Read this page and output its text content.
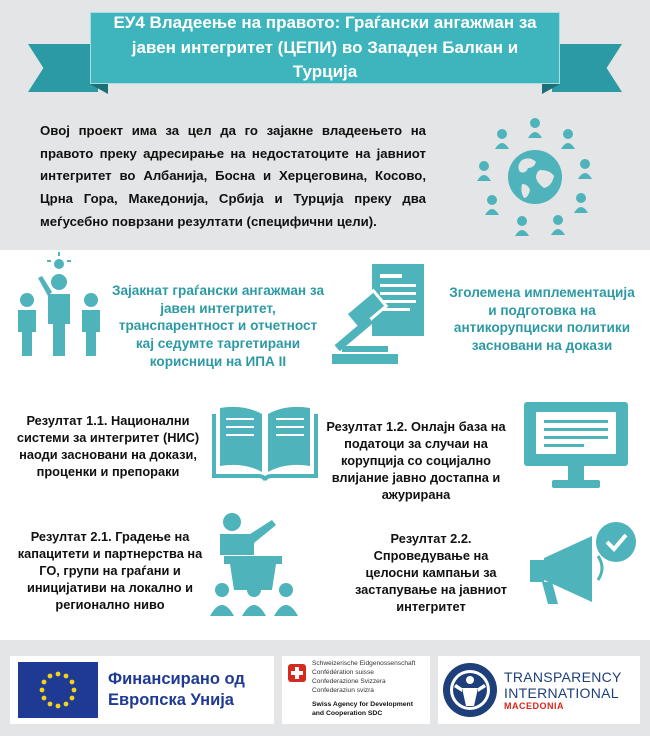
ЕУ4 Владеење на правото: Граѓански ангажман за јавен интегритет (ЦЕПИ) во Западен Балкан и Турција

Овој проект има за цел да го зајакне владеењето на правото преку адресирање на недостатоците на јавниот интегритет во Албанија, Босна и Херцеговина, Косово, Црна Гора, Македонија, Србија и Турција преку два меѓусебно поврзани резултати (специфични цели).

Зајакнат граѓански ангажман за јавен интегритет, транспарентност и отчетност кај седумте таргетирани корисници на ИПА II

Зголемена имплементација и подготовка на антикорупциски политики засновани на докази

Резултат 1.1. Национални системи за интегритет (НИС) наоди засновани на докази, проценки и препораки

Резултат 1.2. Онлајн база на податоци за случаи на корупција со социјално влијание јавно достапна и ажурирана

Резултат 2.1. Градење на капацитети и партнерства на ГО, групи на граѓани и иницијативи на локално и регионално ниво

Резултат 2.2. Спроведување на целосни кампањи за застапување на јавниот интегритет

Финансирано од
Европска Унија
Schweizerische Eidgenossenschaft
Confédération suisse
Confederazione Svizzera
Confederaziun svizra
Swiss Agency for Development
and Cooperation SDC
TRANSPARENCY
INTERNATIONAL
MACEDONIA
